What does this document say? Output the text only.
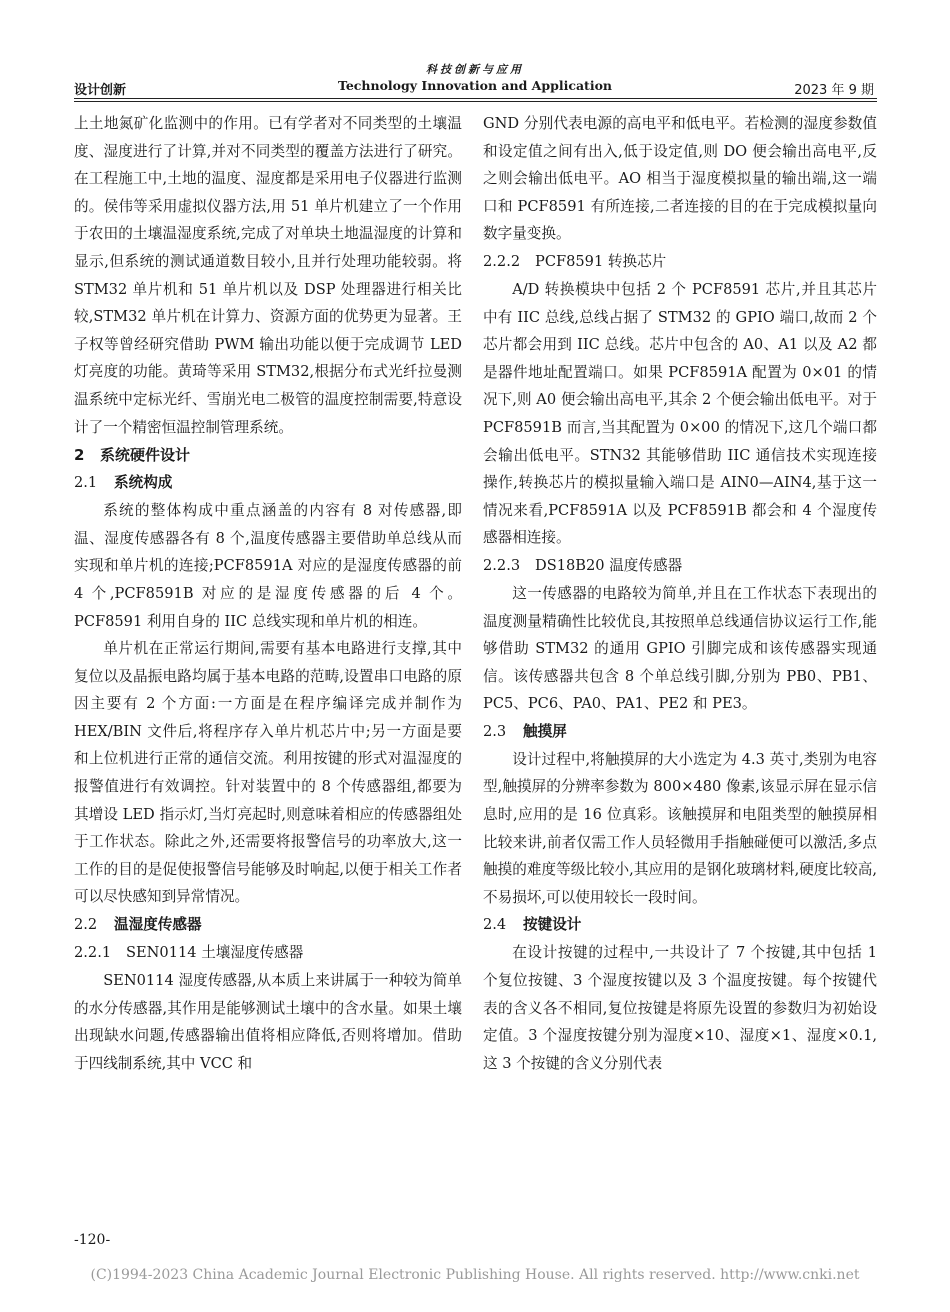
科技创新与应用
Technology Innovation and Application
设计创新	2023 年 9 期

上土地氮矿化监测中的作用。已有学者对不同类型的土壤温度、湿度进行了计算,并对不同类型的覆盖方法进行了研究。在工程施工中,土地的温度、湿度都是采用电子仪器进行监测的。侯伟等采用虚拟仪器方法,用 51 单片机建立了一个作用于农田的土壤温湿度系统,完成了对单块土地温湿度的计算和显示,但系统的测试通道数目较小,且并行处理功能较弱。将 STM32 单片机和 51 单片机以及 DSP 处理器进行相关比较,STM32 单片机在计算力、资源方面的优势更为显著。王子权等曾经研究借助 PWM 输出功能以便于完成调节 LED 灯亮度的功能。黄琦等采用 STM32,根据分布式光纤拉曼测温系统中定标光纤、雪崩光电二极管的温度控制需要,特意设计了一个精密恒温控制管理系统。

2 系统硬件设计
2.1 系统构成

系统的整体构成中重点涵盖的内容有 8 对传感器,即温、湿度传感器各有 8 个,温度传感器主要借助单总线从而实现和单片机的连接;PCF8591A 对应的是湿度传感器的前 4 个,PCF8591B 对应的是湿度传感器的后 4 个。PCF8591 利用自身的 IIC 总线实现和单片机的相连。

单片机在正常运行期间,需要有基本电路进行支撑,其中复位以及晶振电路均属于基本电路的范畴,设置串口电路的原因主要有 2 个方面:一方面是在程序编译完成并制作为 HEX/BIN 文件后,将程序存入单片机芯片中;另一方面是要和上位机进行正常的通信交流。利用按键的形式对温湿度的报警值进行有效调控。针对装置中的 8 个传感器组,都要为其增设 LED 指示灯,当灯亮起时,则意味着相应的传感器组处于工作状态。除此之外,还需要将报警信号的功率放大,这一工作的目的是促使报警信号能够及时响起,以便于相关工作者可以尽快感知到异常情况。

2.2 温湿度传感器
2.2.1 SEN0114 土壤湿度传感器

SEN0114 湿度传感器,从本质上来讲属于一种较为简单的水分传感器,其作用是能够测试土壤中的含水量。如果土壤出现缺水问题,传感器输出值将相应降低,否则将增加。借助于四线制系统,其中 VCC 和

GND 分别代表电源的高电平和低电平。若检测的湿度参数值和设定值之间有出入,低于设定值,则 DO 便会输出高电平,反之则会输出低电平。AO 相当于湿度模拟量的输出端,这一端口和 PCF8591 有所连接,二者连接的目的在于完成模拟量向数字量变换。

2.2.2 PCF8591 转换芯片

A/D 转换模块中包括 2 个 PCF8591 芯片,并且其芯片中有 IIC 总线,总线占据了 STM32 的 GPIO 端口,故而 2 个芯片都会用到 IIC 总线。芯片中包含的 A0、A1 以及 A2 都是器件地址配置端口。如果 PCF8591A 配置为 0×01 的情况下,则 A0 便会输出高电平,其余 2 个便会输出低电平。对于 PCF8591B 而言,当其配置为 0×00 的情况下,这几个端口都会输出低电平。STN32 其能够借助 IIC 通信技术实现连接操作,转换芯片的模拟量输入端口是 AIN0—AIN4,基于这一情况来看,PCF8591A 以及 PCF8591B 都会和 4 个湿度传感器相连接。

2.2.3 DS18B20 温度传感器

这一传感器的电路较为简单,并且在工作状态下表现出的温度测量精确性比较优良,其按照单总线通信协议运行工作,能够借助 STM32 的通用 GPIO 引脚完成和该传感器实现通信。该传感器共包含 8 个单总线引脚,分别为 PB0、PB1、PC5、PC6、PA0、PA1、PE2 和 PE3。

2.3 触摸屏

设计过程中,将触摸屏的大小选定为 4.3 英寸,类别为电容型,触摸屏的分辨率参数为 800×480 像素,该显示屏在显示信息时,应用的是 16 位真彩。该触摸屏和电阻类型的触摸屏相比较来讲,前者仅需工作人员轻微用手指触碰便可以激活,多点触摸的难度等级比较小,其应用的是钢化玻璃材料,硬度比较高,不易损坏,可以使用较长一段时间。

2.4 按键设计

在设计按键的过程中,一共设计了 7 个按键,其中包括 1 个复位按键、3 个湿度按键以及 3 个温度按键。每个按键代表的含义各不相同,复位按键是将原先设置的参数归为初始设定值。3 个湿度按键分别为湿度×10、湿度×1、湿度×0.1,这 3 个按键的含义分别代表

-120-
(C)1994-2023 China Academic Journal Electronic Publishing House. All rights reserved. http://www.cnki.net
